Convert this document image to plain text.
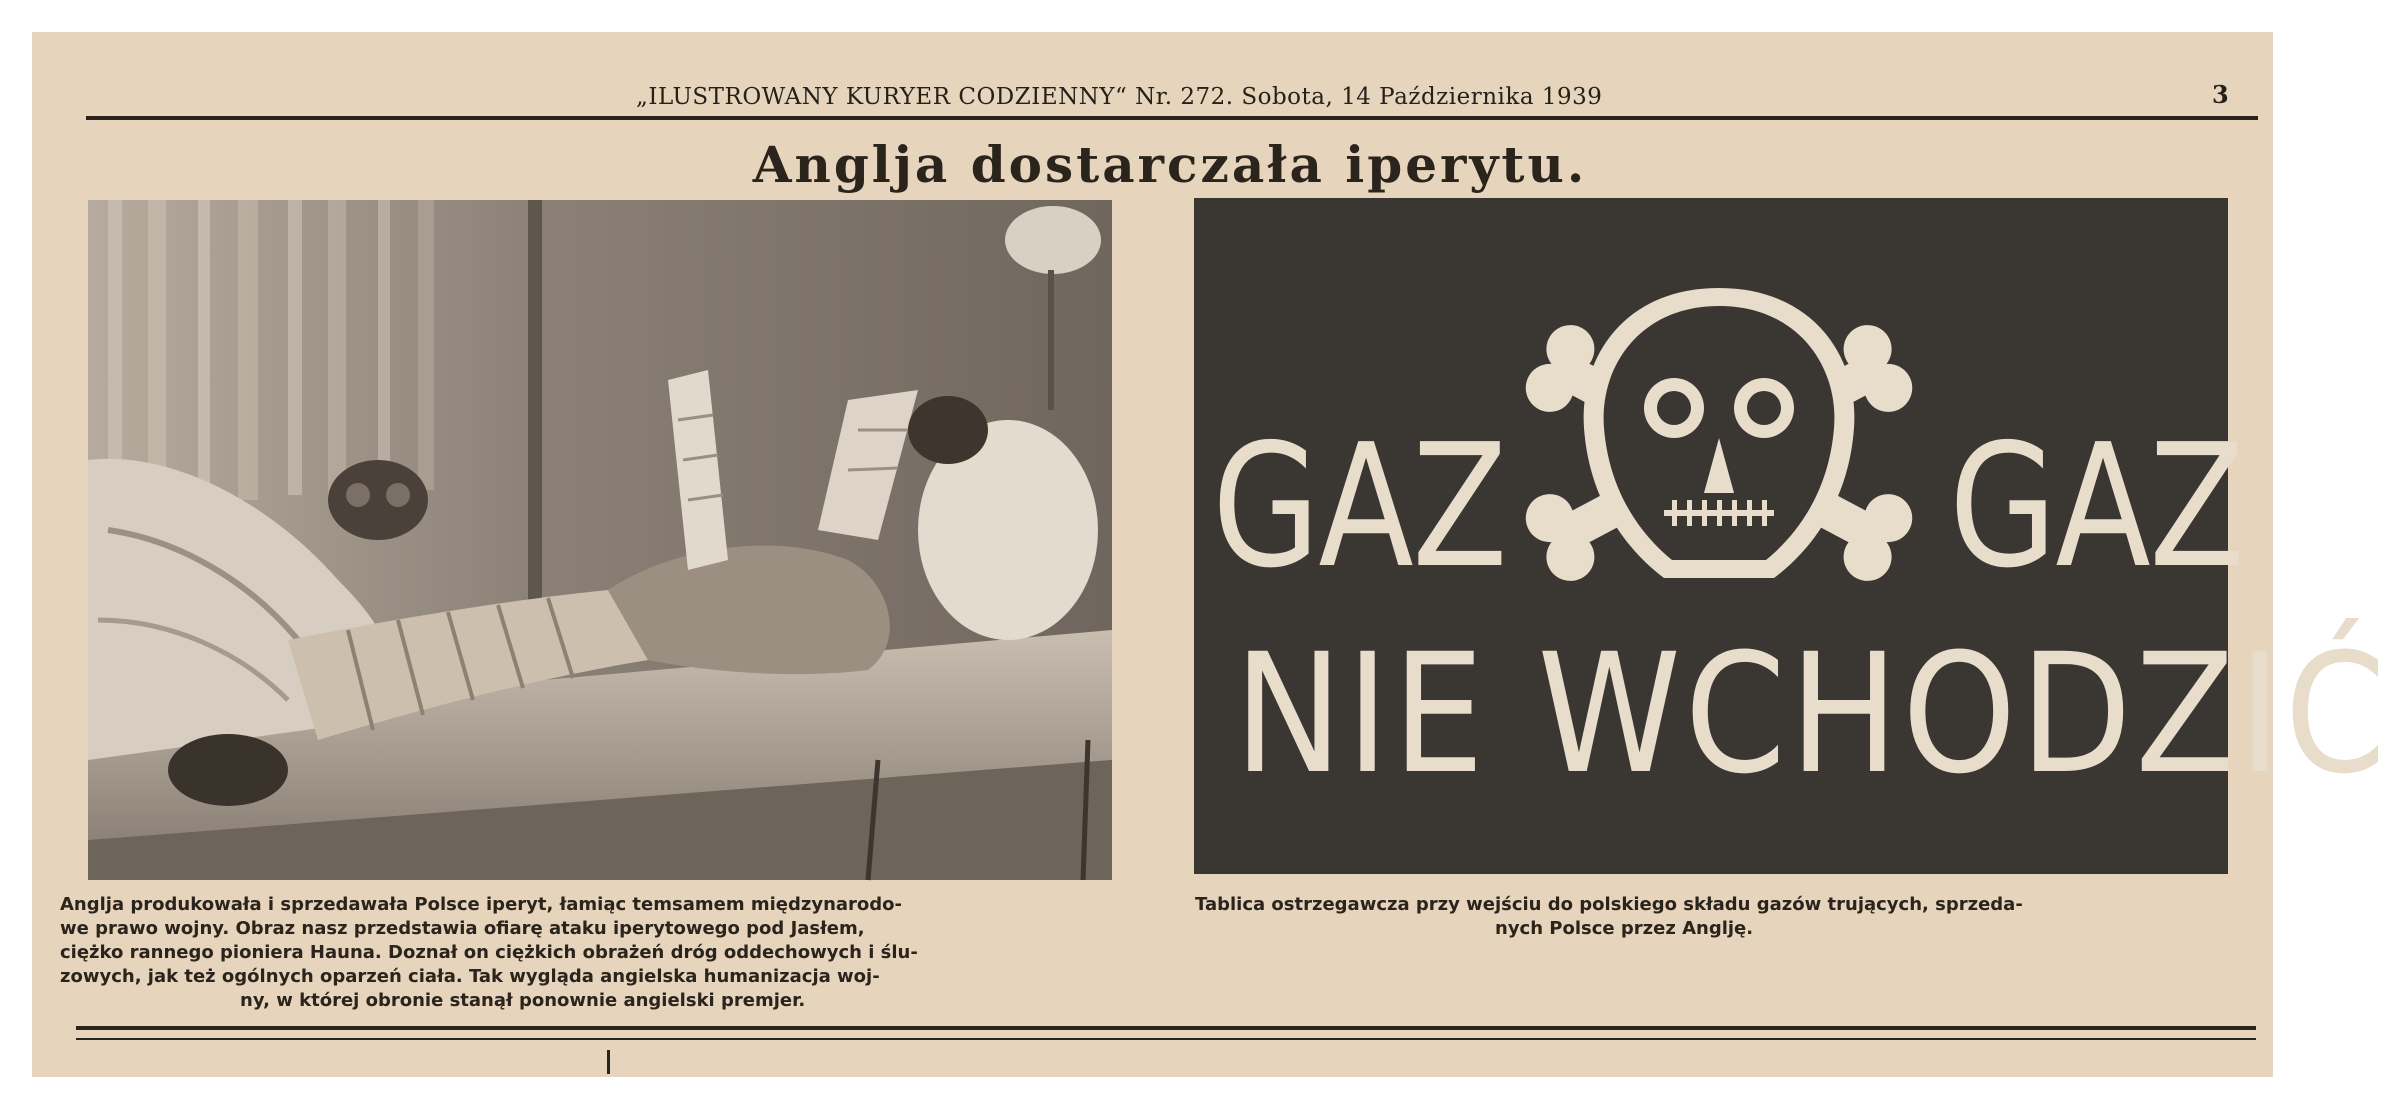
„ILUSTROWANY KURYER CODZIENNY“ Nr. 272. Sobota, 14 Października 1939	3
Anglja dostarczała iperytu.
GAZ	GAZ
NIE WCHODZIĆ
Anglja produkowała i sprzedawała Polsce iperyt, łamiąc temsamem międzynarodo-
we prawo wojny. Obraz nasz przedstawia ofiarę ataku iperytowego pod Jasłem,
ciężko rannego pioniera Hauna. Doznał on ciężkich obrażeń dróg oddechowych i ślu-
zowych, jak też ogólnych oparzeń ciała. Tak wygląda angielska humanizacja woj-
ny, w której obronie stanął ponownie angielski premjer.
Tablica ostrzegawcza przy wejściu do polskiego składu gazów trujących, sprzeda-
nych Polsce przez Anglję.
